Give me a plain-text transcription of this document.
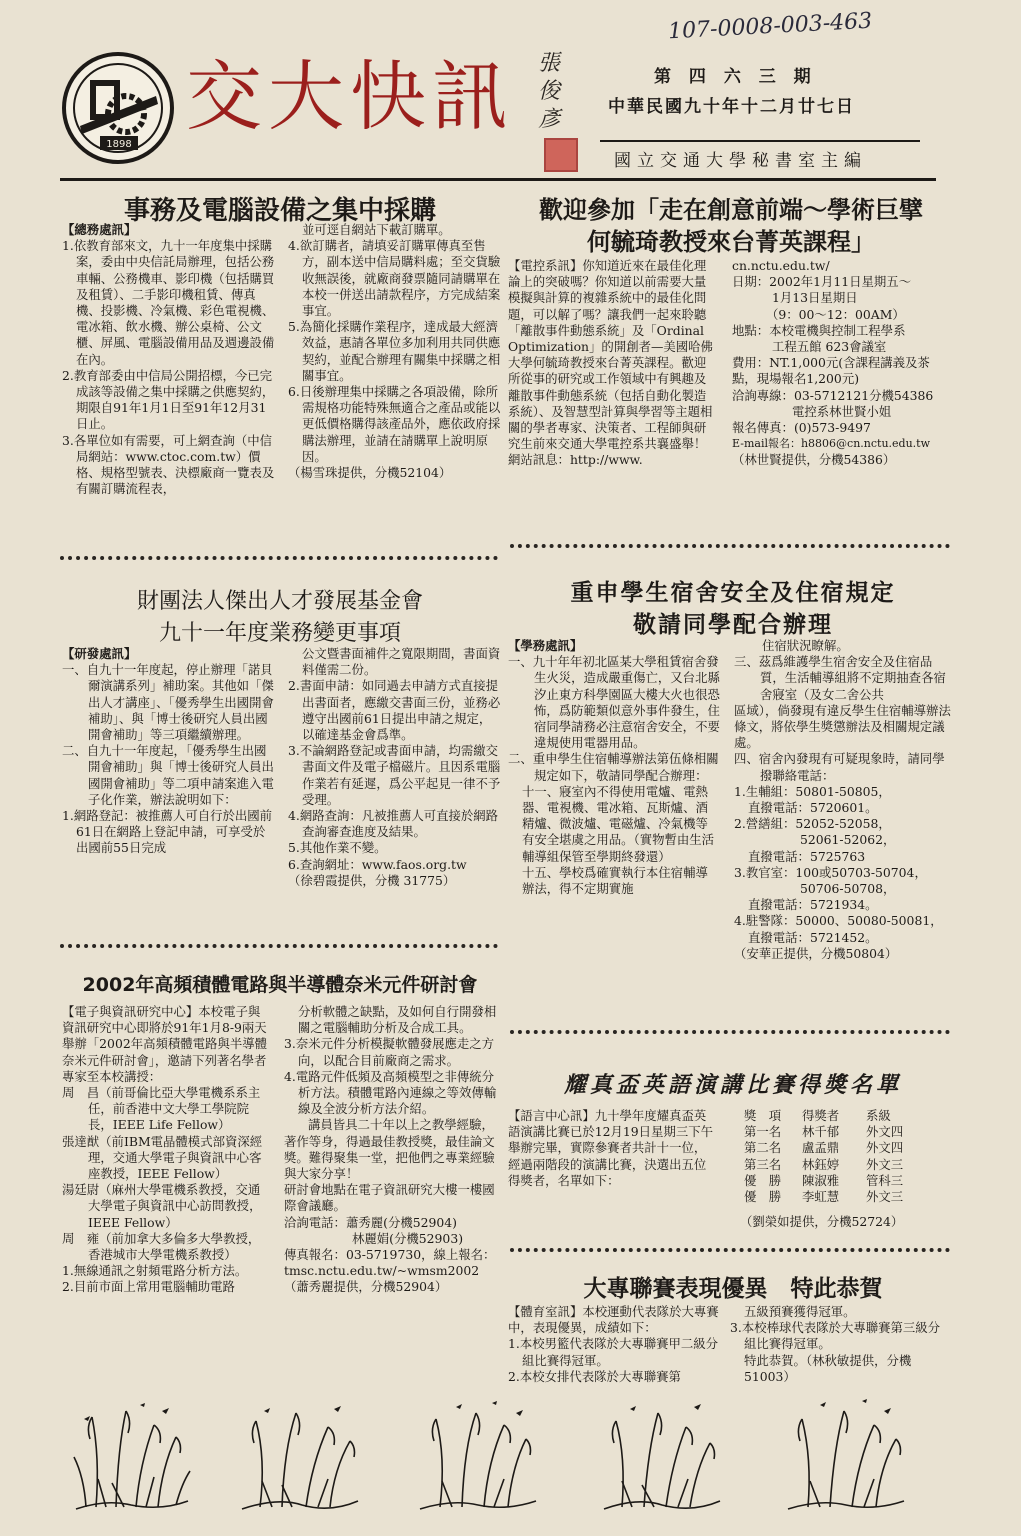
107-0008-003-463
1898
交大快訊 張俊彥
第 四 六 三 期
中華民國九十年十二月廿七日
國立交通大學秘書室主編
事務及電腦設備之集中採購

【總務處訊】

1.依教育部來文，九十一年度集中採購案，委由中央信託局辦理，包括公務車輛、公務機車、影印機（包括購買及租賃）、二手影印機租賃、傳真機、投影機、冷氣機、彩色電視機、電冰箱、飲水機、辦公桌椅、公文櫃、屏風、電腦設備用品及週邊設備在內。

2.教育部委由中信局公開招標，今已完成該等設備之集中採購之供應契約，期限自91年1月1日至91年12月31日止。

3.各單位如有需要，可上網查詢（中信局網站：www.ctoc.com.tw）價格、規格型號表、決標廠商一覽表及有關訂購流程表，

並可逕自網站下載訂購單。

4.欲訂購者，請填妥訂購單傳真至售方，副本送中信局購料處；至交貨驗收無誤後，就廠商發票隨同請購單在本校一併送出請款程序，方完成結案事宜。

5.為簡化採購作業程序，達成最大經濟效益，惠請各單位多加利用共同供應契約，並配合辦理有關集中採購之相關事宜。

6.日後辦理集中採購之各項設備，除所需規格功能特殊無適合之產品或能以更低價格購得該產品外，應依政府採購法辦理，並請在請購單上說明原因。

（楊雪珠提供，分機52104）

歡迎參加「走在創意前端～學術巨擘
何毓琦教授來台菁英課程」

【電控系訊】你知道近來在最佳化理論上的突破嗎？你知道以前需要大量模擬與計算的複雜系統中的最佳化問題，可以解了嗎？讓我們一起來聆聽「離散事件動態系統」及「Ordinal Optimization」的開創者—美國哈佛大學何毓琦教授來台菁英課程。歡迎所從事的研究或工作領域中有興趣及離散事件動態系統（包括自動化製造系統）、及智慧型計算與學習等主題相關的學者專家、決策者、工程師與研究生前來交通大學電控系共襄盛舉！網站訊息：http://www.

cn.nctu.edu.tw/

日期：2002年1月11日星期五～

1月13日星期日

（9：00～12：00AM）

地點：本校電機與控制工程學系

工程五館 623會議室

費用：NT.1,000元(含課程講義及茶點，現場報名1,200元)

洽詢專線：03-5712121分機54386

電控系林世賢小姐

報名傳真：(0)573-9497

E-mail報名：h8806@cn.nctu.edu.tw

（林世賢提供，分機54386）

財團法人傑出人才發展基金會
九十一年度業務變更事項

【研發處訊】

一、自九十一年度起，停止辦理「諾貝爾演講系列」補助案。其他如「傑出人才講座」、「優秀學生出國開會補助」、與「博士後研究人員出國開會補助」等三項繼續辦理。

二、自九十一年度起，「優秀學生出國開會補助」與「博士後研究人員出國開會補助」等二項申請案進入電子化作業，辦法說明如下：

1.網路登記：被推薦人可自行於出國前61日在網路上登記申請，可享受於出國前55日完成

公文暨書面補件之寬限期間，書面資料僅需二份。

2.書面申請：如同過去申請方式直接提出書面者，應繳交書面三份，並務必遵守出國前61日提出申請之規定，以確達基金會爲準。

3.不論網路登記或書面申請，均需繳交書面文件及電子檔磁片。且因系電腦作業若有延遲，爲公平起見一律不予受理。

4.網路查詢：凡被推薦人可直接於網路查詢審查進度及結果。

5.其他作業不變。

6.查詢網址：www.faos.org.tw

（徐碧霞提供，分機 31775）

重申學生宿舍安全及住宿規定
敬請同學配合辦理

【學務處訊】

一、九十年年初北區某大學租賃宿舍發生火災，造成嚴重傷亡，又台北縣汐止東方科學園區大樓大火也很恐怖，爲防範類似意外事件發生，住宿同學請務必注意宿舍安全，不要違規使用電器用品。

二、重申學生住宿輔導辦法第伍條相關規定如下，敬請同學配合辦理：

十一、寢室內不得使用電爐、電熱器、電視機、電冰箱、瓦斯爐、酒精爐、微波爐、電磁爐、冷氣機等有安全堪虞之用品。（實物暫由生活輔導組保管至學期終發還）

十五、學校爲確實執行本住宿輔導辦法，得不定期實施

住宿狀況瞭解。

三、茲爲維護學生宿舍安全及住宿品質，生活輔導組將不定期抽查各宿舍寢室（及女二舍公共

區域），倘發現有違反學生住宿輔導辦法條文，將依學生獎懲辦法及相關規定議處。

四、宿舍內發現有可疑現象時，請同學撥聯絡電話：

1.生輔組：50801-50805，

直撥電話：5720601。

2.營繕組：52052-52058，

52061-52062，

直撥電話：5725763

3.教官室：100或50703-50704，

50706-50708，

直撥電話：5721934。

4.駐警隊：50000、50080-50081，

直撥電話：5721452。

（安華正提供，分機50804）

2002年高頻積體電路與半導體奈米元件研討會

【電子與資訊研究中心】本校電子與資訊研究中心即將於91年1月8-9兩天舉辦「2002年高頻積體電路與半導體奈米元件研討會」，邀請下列著名學者專家至本校講授：

周　昌（前哥倫比亞大學電機系系主任，前香港中文大學工學院院長，IEEE Life Fellow）

張達猷（前IBM電晶體模式部資深經理，交通大學電子與資訊中心客座教授，IEEE Fellow）

湯廷尉（麻州大學電機系教授，交通大學電子與資訊中心訪問教授，IEEE Fellow）

周　雍（前加拿大多倫多大學教授，香港城市大學電機系教授）

1.無線通訊之射頻電路分析方法。

2.目前市面上常用電腦輔助電路

分析軟體之缺點，及如何自行開發相關之電腦輔助分析及合成工具。

3.奈米元件分析模擬軟體發展應走之方向，以配合目前廠商之需求。

4.電路元件低頻及高頻模型之非傳統分析方法。積體電路內連線之等效傳輸線及全波分析方法介紹。

講員皆具二十年以上之教學經驗，著作等身，得過最佳教授獎，最佳論文獎。難得聚集一堂，把他們之專業經驗與大家分享！

研討會地點在電子資訊研究大樓一樓國際會議廳。

洽詢電話：蕭秀麗(分機52904)

林麗娟(分機52903)

傳真報名：03-5719730，線上報名：tmsc.nctu.edu.tw/~wmsm2002

（蕭秀麗提供，分機52904）

耀真盃英語演講比賽得獎名單

【語言中心訊】九十學年度耀真盃英語演講比賽已於12月19日星期三下午舉辦完畢，實際參賽者共計十一位，經過兩階段的演講比賽，決選出五位得獎者，名單如下：

獎　項	得獎者	系級
第一名	林千郁	外文四
第二名	盧孟鼎	外文四
第三名	林鈺婷	外文三
優　勝	陳淑雅	管科三
優　勝	李虹慧	外文三

（劉榮如提供，分機52724）

大專聯賽表現優異　特此恭賀

【體育室訊】本校運動代表隊於大專賽中，表現優異，成績如下：

1.本校男籃代表隊於大專聯賽甲二級分組比賽得冠軍。

2.本校女排代表隊於大專聯賽第

五級預賽獲得冠軍。

3.本校棒球代表隊於大專聯賽第三級分組比賽得冠軍。

特此恭賀。（林秋敏提供，分機51003）
